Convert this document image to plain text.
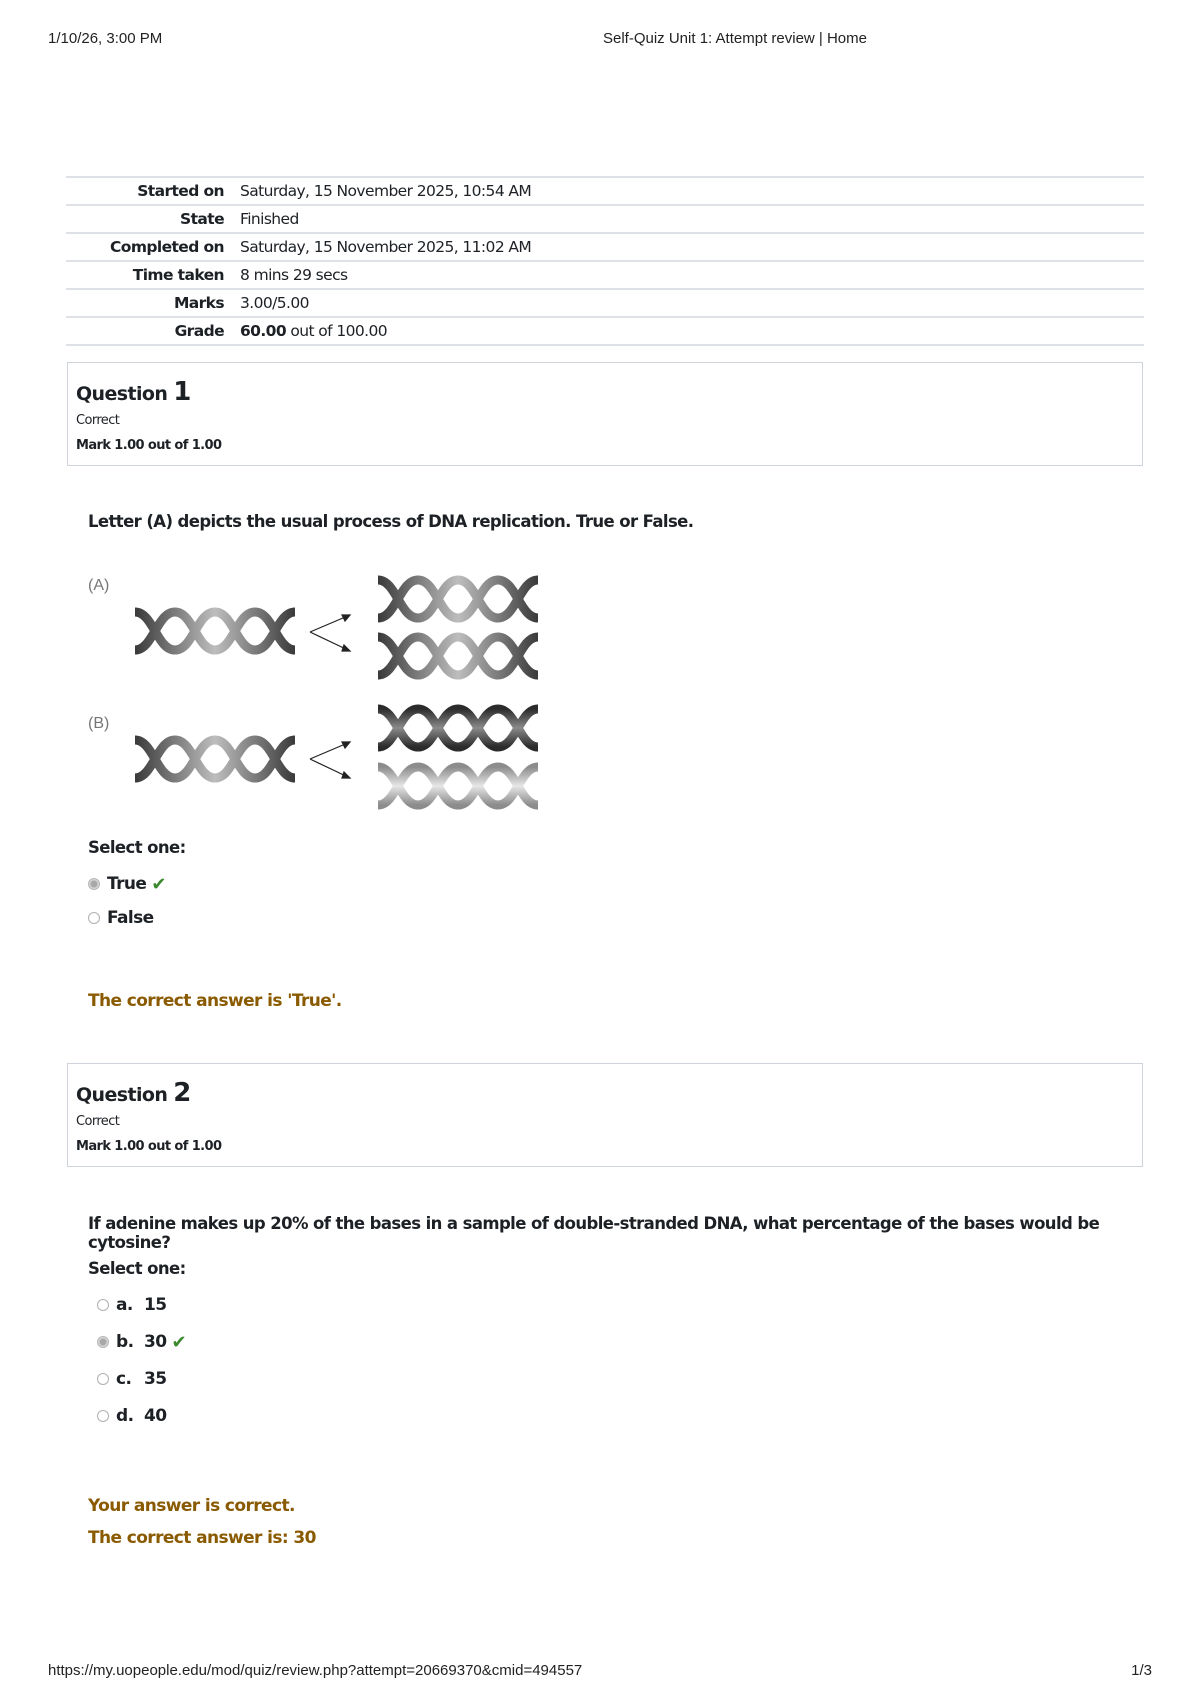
1/10/26, 3:00 PM	Self-Quiz Unit 1: Attempt review | Home
Started on	Saturday, 15 November 2025, 10:54 AM
State	Finished
Completed on	Saturday, 15 November 2025, 11:02 AM
Time taken	8 mins 29 secs
Marks	3.00/5.00
Grade	60.00 out of 100.00
Question 1
Correct
Mark 1.00 out of 1.00
Letter (A) depicts the usual process of DNA replication. True or False.
(A)
(B)
Select one:
True ✔
False
The correct answer is 'True'.
Question 2
Correct
Mark 1.00 out of 1.00
If adenine makes up 20% of the bases in a sample of double-stranded DNA, what percentage of the bases would be cytosine?
Select one:
a. 15
b. 30 ✔
c. 35
d. 40
Your answer is correct.
The correct answer is: 30
https://my.uopeople.edu/mod/quiz/review.php?attempt=20669370&cmid=494557	1/3
